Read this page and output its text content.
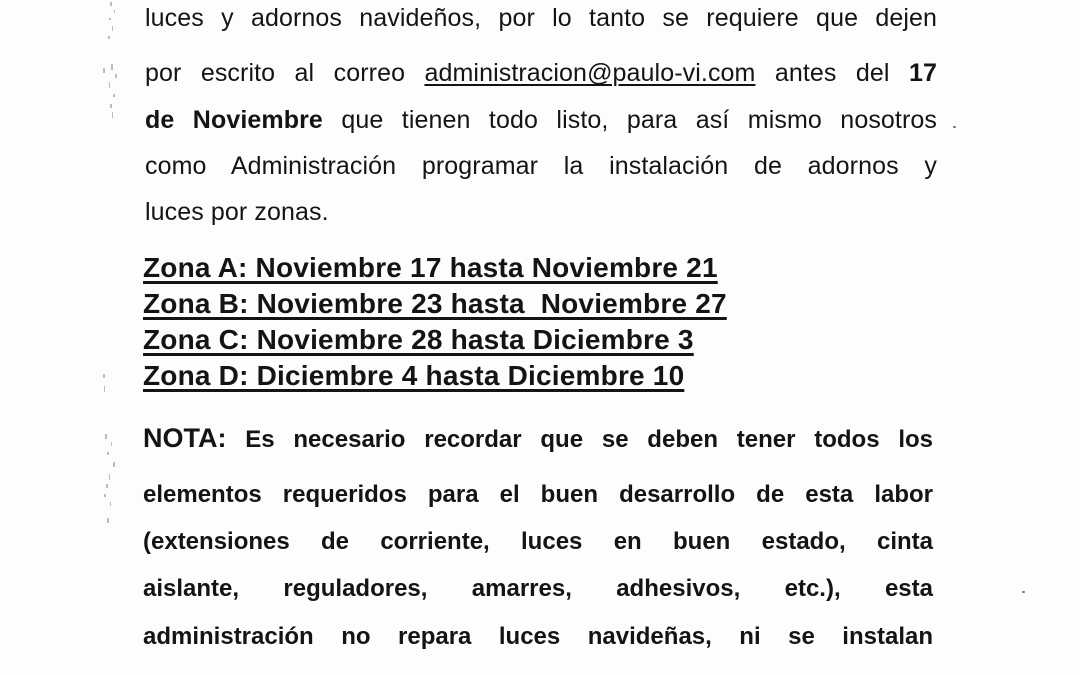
luces y adornos navideños, por lo tanto se requiere que dejen
por escrito al correo administracion@paulo-vi.com antes del 17
de Noviembre que tienen todo listo, para así mismo nosotros
como Administración programar la instalación de adornos y
luces por zonas.
Zona A: Noviembre 17 hasta Noviembre 21
Zona B: Noviembre 23 hasta  Noviembre 27
Zona C: Noviembre 28 hasta Diciembre 3
Zona D: Diciembre 4 hasta Diciembre 10
NOTA: Es necesario recordar que se deben tener todos los
elementos requeridos para el buen desarrollo de esta labor
(extensiones de corriente, luces en buen estado, cinta
aislante, reguladores, amarres, adhesivos, etc.), esta
administración no repara luces navideñas, ni se instalan
